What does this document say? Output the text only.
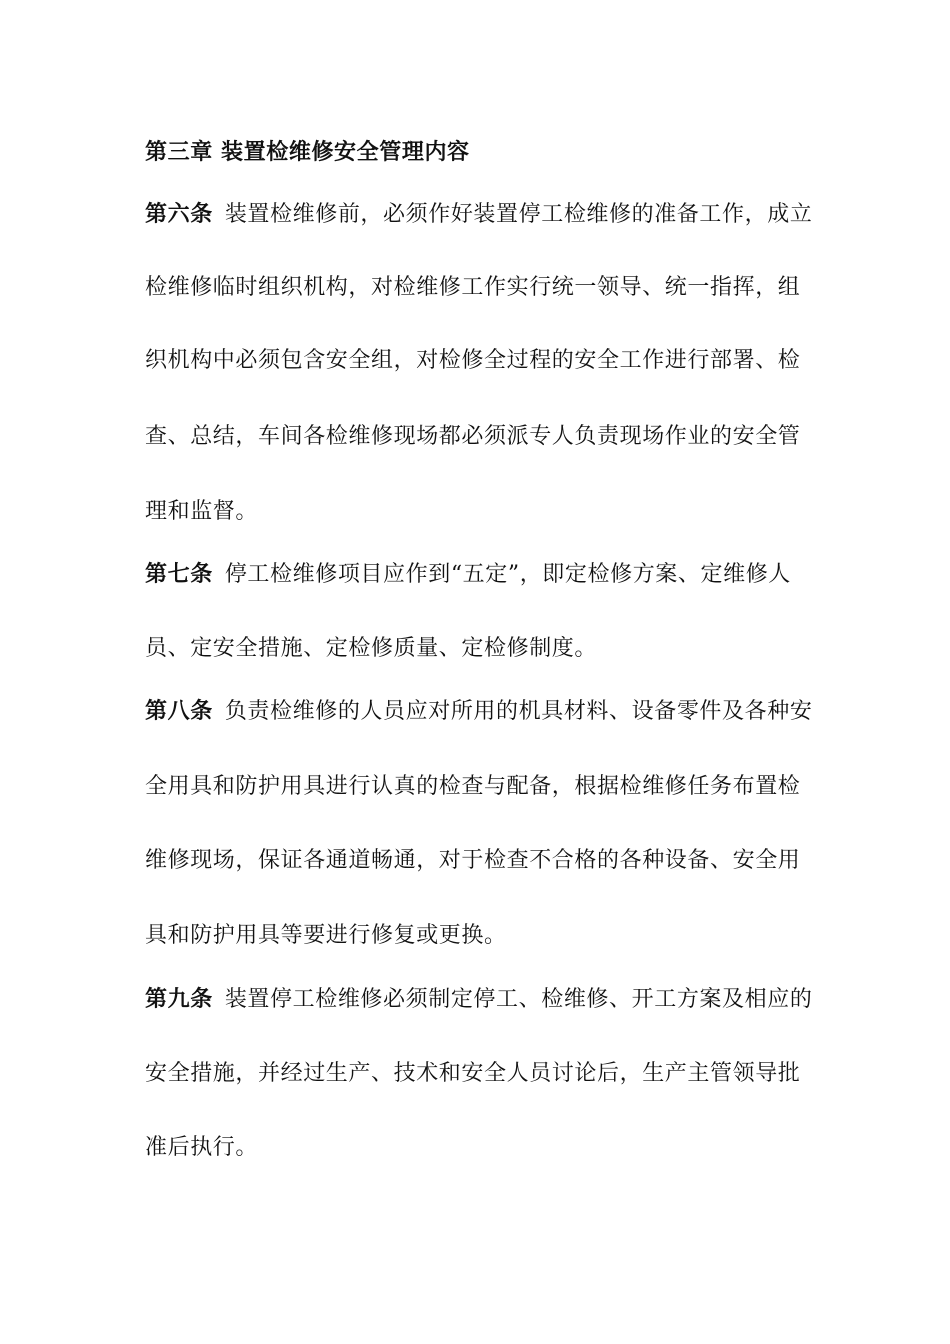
第三章 装置检维修安全管理内容
第六条 装置检维修前，必须作好装置停工检维修的准备工作，成立
检维修临时组织机构，对检维修工作实行统一领导、统一指挥，组
织机构中必须包含安全组，对检修全过程的安全工作进行部署、检
查、总结，车间各检维修现场都必须派专人负责现场作业的安全管
理和监督。
第七条 停工检维修项目应作到“五定”，即定检修方案、定维修人
员、定安全措施、定检修质量、定检修制度。
第八条 负责检维修的人员应对所用的机具材料、设备零件及各种安
全用具和防护用具进行认真的检查与配备，根据检维修任务布置检
维修现场，保证各通道畅通，对于检查不合格的各种设备、安全用
具和防护用具等要进行修复或更换。
第九条 装置停工检维修必须制定停工、检维修、开工方案及相应的
安全措施，并经过生产、技术和安全人员讨论后，生产主管领导批
准后执行。
